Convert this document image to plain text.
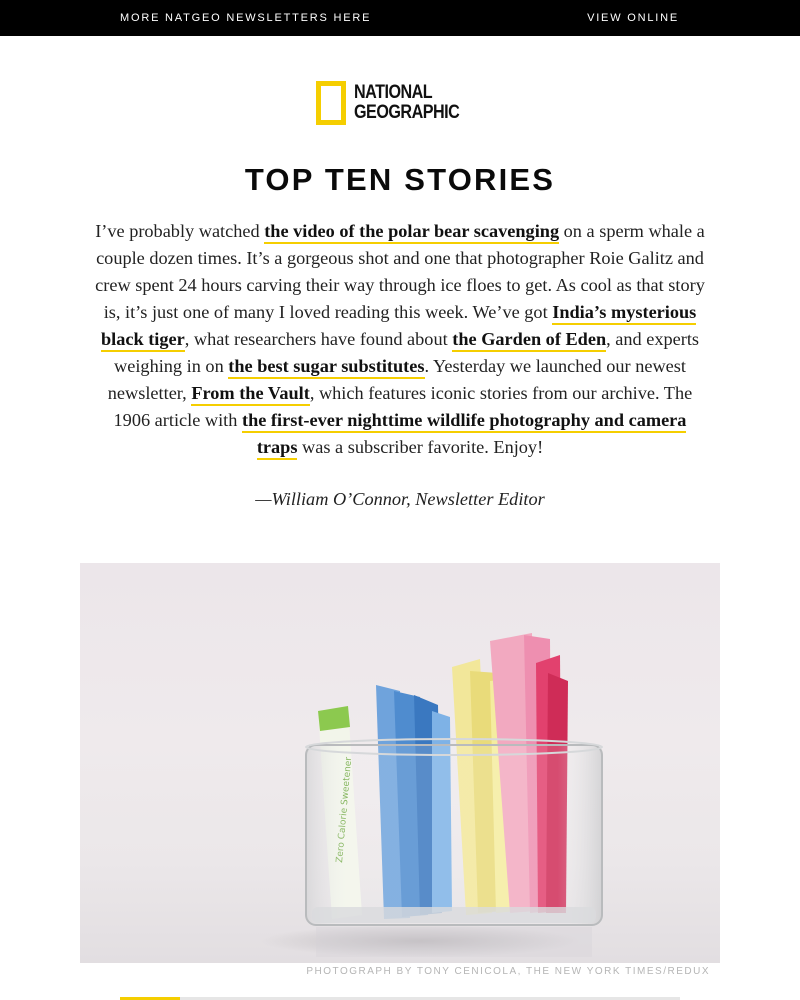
MORE NATGEO NEWSLETTERS HERE	VIEW ONLINE
NATIONAL
GEOGRAPHIC
TOP TEN STORIES

I’ve probably watched the video of the polar bear scavenging on a sperm whale a couple dozen times. It’s a gorgeous shot and one that photographer Roie Galitz and crew spent 24 hours carving their way through ice floes to get. As cool as that story is, it’s just one of many I loved reading this week. We’ve got India’s mysterious black tiger, what researchers have found about the Garden of Eden, and experts weighing in on the best sugar substitutes. Yesterday we launched our newest newsletter, From the Vault, which features iconic stories from our archive. The 1906 article with the first-ever nighttime wildlife photography and camera traps was a subscriber favorite. Enjoy!

—William O’Connor, Newsletter Editor

PHOTOGRAPH BY TONY CENICOLA, THE NEW YORK TIMES/REDUX
